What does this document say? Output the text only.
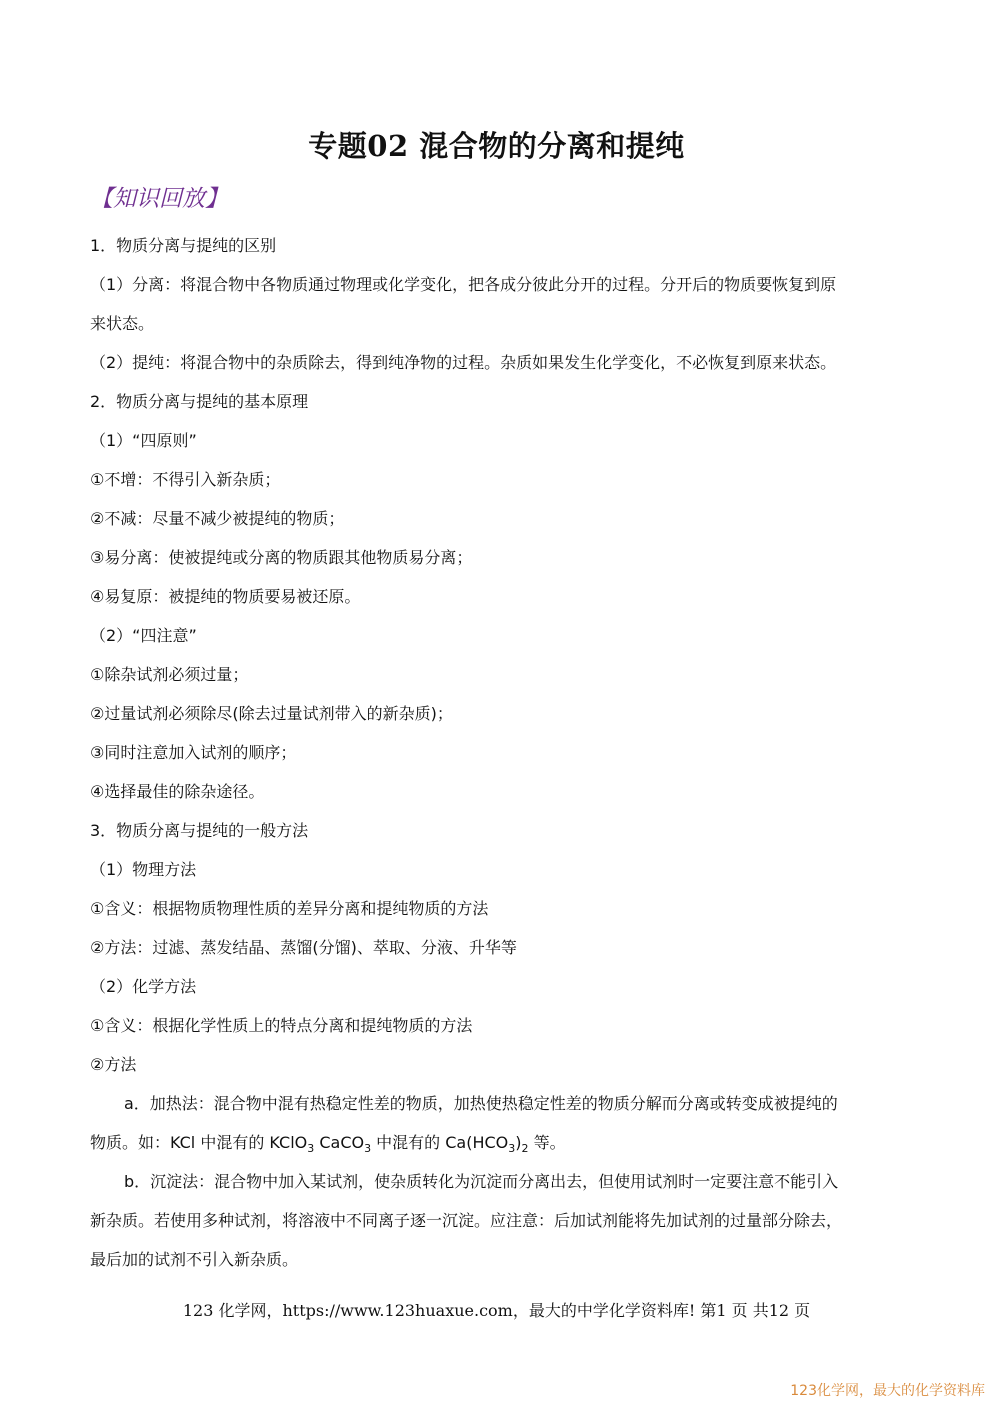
专题02 混合物的分离和提纯
【知识回放】
1．物质分离与提纯的区别
（1）分离：将混合物中各物质通过物理或化学变化，把各成分彼此分开的过程。分开后的物质要恢复到原
来状态。
（2）提纯：将混合物中的杂质除去，得到纯净物的过程。杂质如果发生化学变化，不必恢复到原来状态。
2．物质分离与提纯的基本原理
（1）“四原则”
①不增：不得引入新杂质；
②不减：尽量不减少被提纯的物质；
③易分离：使被提纯或分离的物质跟其他物质易分离；
④易复原：被提纯的物质要易被还原。
（2）“四注意”
①除杂试剂必须过量；
②过量试剂必须除尽(除去过量试剂带入的新杂质)；
③同时注意加入试剂的顺序；
④选择最佳的除杂途径。
3．物质分离与提纯的一般方法
（1）物理方法
①含义：根据物质物理性质的差异分离和提纯物质的方法
②方法：过滤、蒸发结晶、蒸馏(分馏)、萃取、分液、升华等
（2）化学方法
①含义：根据化学性质上的特点分离和提纯物质的方法
②方法
a．加热法：混合物中混有热稳定性差的物质，加热使热稳定性差的物质分解而分离或转变成被提纯的
物质。如：KCl 中混有的 KClO$_3$ CaCO$_3$ 中混有的 $Ca(HCO_3)_2$ 等。
b．沉淀法：混合物中加入某试剂，使杂质转化为沉淀而分离出去，但使用试剂时一定要注意不能引入
新杂质。若使用多种试剂，将溶液中不同离子逐一沉淀。应注意：后加试剂能将先加试剂的过量部分除去，
最后加的试剂不引入新杂质。
123 化学网，https://www.123huaxue.com，最大的中学化学资料库! 第1 页 共12 页
123化学网，最大的化学资料库
